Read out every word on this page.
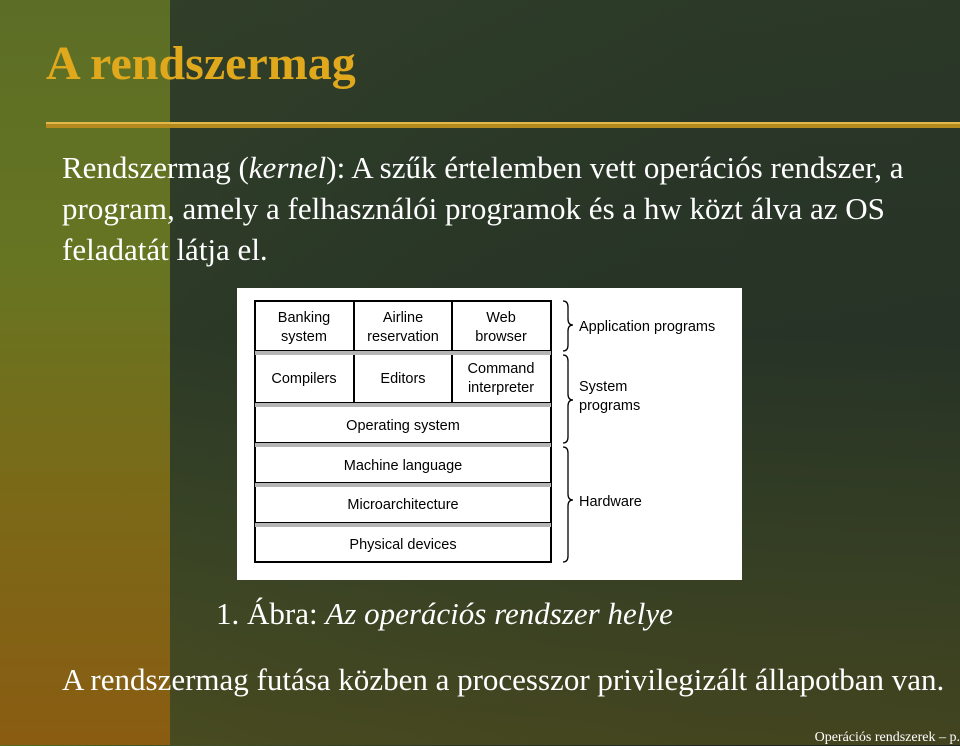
A rendszermag

Rendszermag (kernel): A szűk értelemben vett operációs rendszer, a program, amely a felhasználói programok és a hw közt álva az OS feladatát látja el.

Banking
system
Airline
reservation
Web
browser
Compilers	Editors
Command
interpreter
Operating system
Machine language
Microarchitecture
Physical devices
Application programs
System
programs
Hardware

1. Ábra: Az operációs rendszer helye

A rendszermag futása közben a processzor privilegizált állapotban van.

Operációs rendszerek – p.
